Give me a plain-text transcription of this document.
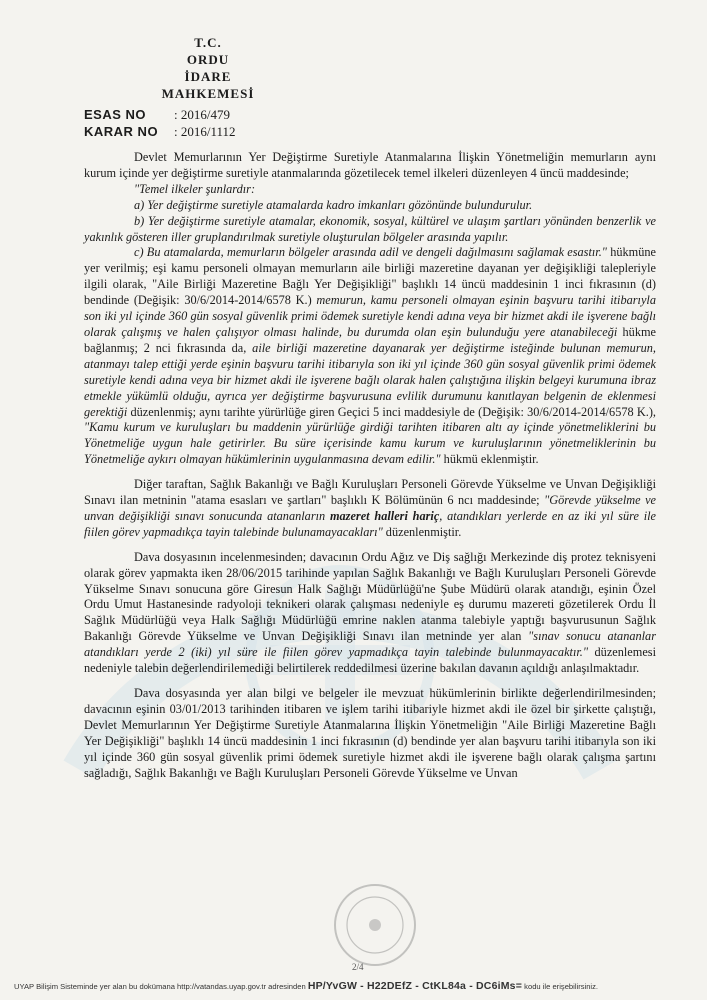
T.C.
ORDU
İDARE MAHKEMESİ
ESAS NO	: 2016/479
KARAR NO	: 2016/1112

Devlet Memurlarının Yer Değiştirme Suretiyle Atanmalarına İlişkin Yönetmeliğin memurların aynı kurum içinde yer değiştirme suretiyle atanmalarında gözetilecek temel ilkeleri düzenleyen 4 üncü maddesinde;

"Temel ilkeler şunlardır:

a) Yer değiştirme suretiyle atamalarda kadro imkanları gözönünde bulundurulur.

b) Yer değiştirme suretiyle atamalar, ekonomik, sosyal, kültürel ve ulaşım şartları yönünden benzerlik ve yakınlık gösteren iller gruplandırılmak suretiyle oluşturulan bölgeler arasında yapılır.

c) Bu atamalarda, memurların bölgeler arasında adil ve dengeli dağılmasını sağlamak esastır." hükmüne yer verilmiş; eşi kamu personeli olmayan memurların aile birliği mazeretine dayanan yer değişikliği talepleriyle ilgili olarak, "Aile Birliği Mazeretine Bağlı Yer Değişikliği" başlıklı 14 üncü maddesinin 1 inci fıkrasının (d) bendinde (Değişik: 30/6/2014-2014/6578 K.) memurun, kamu personeli olmayan eşinin başvuru tarihi itibarıyla son iki yıl içinde 360 gün sosyal güvenlik primi ödemek suretiyle kendi adına veya bir hizmet akdi ile işverene bağlı olarak çalışmış ve halen çalışıyor olması halinde, bu durumda olan eşin bulunduğu yere atanabileceği hükme bağlanmış; 2 nci fıkrasında da, aile birliği mazeretine dayanarak yer değiştirme isteğinde bulunan memurun, atanmayı talep ettiği yerde eşinin başvuru tarihi itibarıyla son iki yıl içinde 360 gün sosyal güvenlik primi ödemek suretiyle kendi adına veya bir hizmet akdi ile işverene bağlı olarak halen çalıştığına ilişkin belgeyi kurumuna ibraz etmekle yükümlü olduğu, ayrıca yer değiştirme başvurusuna evlilik durumunu kanıtlayan belgenin de eklenmesi gerektiği düzenlenmiş; aynı tarihte yürürlüğe giren Geçici 5 inci maddesiyle de (Değişik: 30/6/2014-2014/6578 K.), "Kamu kurum ve kuruluşları bu maddenin yürürlüğe girdiği tarihten itibaren altı ay içinde yönetmeliklerini bu Yönetmeliğe uygun hale getirirler. Bu süre içerisinde kamu kurum ve kuruluşlarının yönetmeliklerinin bu Yönetmeliğe aykırı olmayan hükümlerinin uygulanmasına devam edilir." hükmü eklenmiştir.

Diğer taraftan, Sağlık Bakanlığı ve Bağlı Kuruluşları Personeli Görevde Yükselme ve Unvan Değişikliği Sınavı ilan metninin "atama esasları ve şartları" başlıklı K Bölümünün 6 ncı maddesinde; "Görevde yükselme ve unvan değişikliği sınavı sonucunda atananların mazeret halleri hariç, atandıkları yerlerde en az iki yıl süre ile fiilen görev yapmadıkça tayin talebinde bulunamayacakları" düzenlenmiştir.

Dava dosyasının incelenmesinden; davacının Ordu Ağız ve Diş sağlığı Merkezinde diş protez teknisyeni olarak görev yapmakta iken 28/06/2015 tarihinde yapılan Sağlık Bakanlığı ve Bağlı Kuruluşları Personeli Görevde Yükselme Sınavı sonucuna göre Giresun Halk Sağlığı Müdürlüğü'ne Şube Müdürü olarak atandığı, eşinin Özel Ordu Umut Hastanesinde radyoloji teknikeri olarak çalışması nedeniyle eş durumu mazereti gözetilerek Ordu İl Sağlık Müdürlüğü veya Halk Sağlığı Müdürlüğü emrine naklen atanma talebiyle yaptığı başvurusunun Sağlık Bakanlığı Görevde Yükselme ve Unvan Değişikliği Sınavı ilan metninde yer alan "sınav sonucu atananlar atandıkları yerde 2 (iki) yıl süre ile fiilen görev yapmadıkça tayin talebinde bulunmayacaktır." düzenlemesi nedeniyle talebin değerlendirilemediği belirtilerek reddedilmesi üzerine bakılan davanın açıldığı anlaşılmaktadır.

Dava dosyasında yer alan bilgi ve belgeler ile mevzuat hükümlerinin birlikte değerlendirilmesinden; davacının eşinin 03/01/2013 tarihinden itibaren ve işlem tarihi itibariyle hizmet akdi ile özel bir şirkette çalıştığı, Devlet Memurlarının Yer Değiştirme Suretiyle Atanmalarına İlişkin Yönetmeliğin "Aile Birliği Mazeretine Bağlı Yer Değişikliği" başlıklı 14 üncü maddesinin 1 inci fıkrasının (d) bendinde yer alan başvuru tarihi itibarıyla son iki yıl içinde 360 gün sosyal güvenlik primi ödemek suretiyle hizmet akdi ile işverene bağlı olarak çalışma şartını sağladığı, Sağlık Bakanlığı ve Bağlı Kuruluşları Personeli Görevde Yükselme ve Unvan

2/4
UYAP Bilişim Sisteminde yer alan bu dokümana http://vatandas.uyap.gov.tr adresinden HP/YvGW - H22DEfZ - CtKL84a - DC6iMs= kodu ile erişebilirsiniz.
